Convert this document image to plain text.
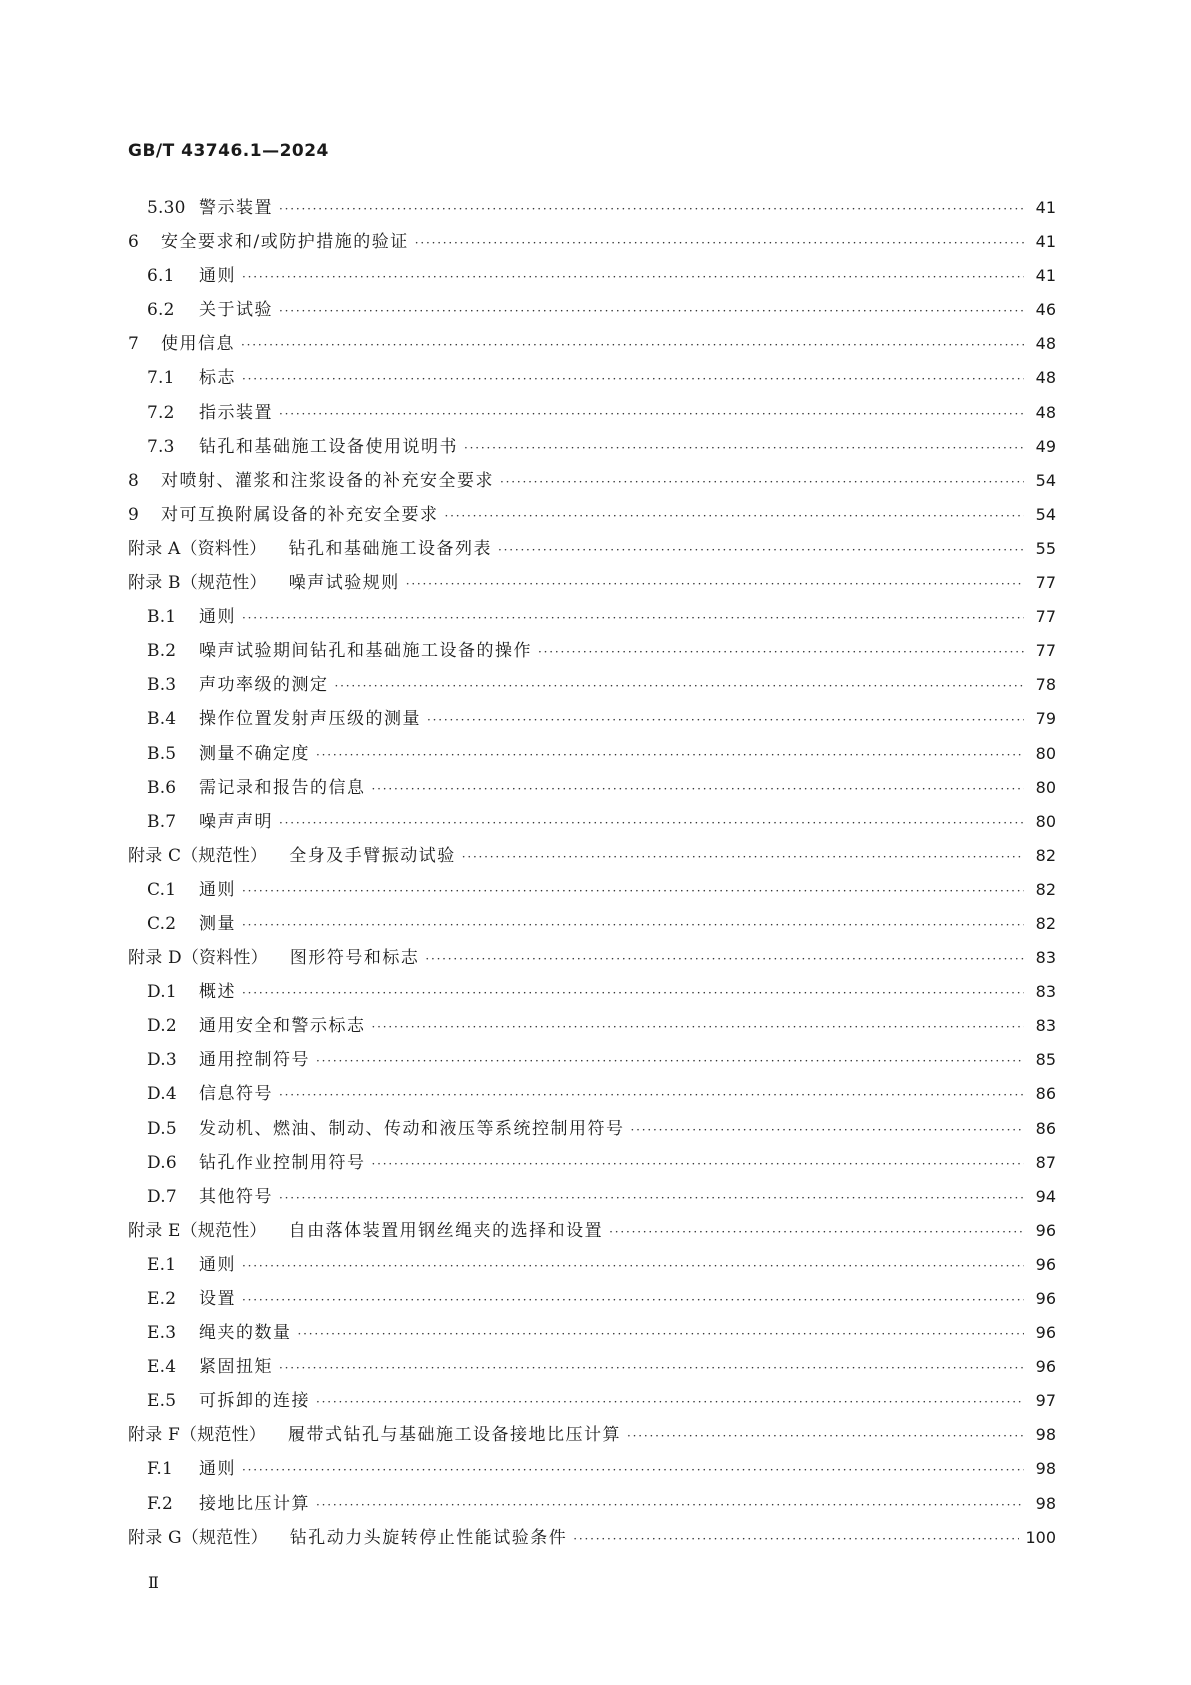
GB/T 43746.1—2024
5.30 警示装置 ·····	41
6	安全要求和/或防护措施的验证 ·····	41
6.1	通则 ·····	41
6.2	关于试验 ·····	46
7	使用信息 ·····	48
7.1	标志 ·····	48
7.2	指示装置 ·····	48
7.3	钻孔和基础施工设备使用说明书 ·····	49
8	对喷射、灌浆和注浆设备的补充安全要求 ·····	54
9	对可互换附属设备的补充安全要求 ·····	54
附录 A（资料性） 钻孔和基础施工设备列表 ·····	55
附录 B（规范性） 噪声试验规则 ·····	77
B.1	通则 ·····	77
B.2	噪声试验期间钻孔和基础施工设备的操作 ·····	77
B.3	声功率级的测定 ·····	78
B.4	操作位置发射声压级的测量 ·····	79
B.5	测量不确定度 ·····	80
B.6	需记录和报告的信息 ·····	80
B.7	噪声声明 ·····	80
附录 C（规范性） 全身及手臂振动试验 ·····	82
C.1	通则 ·····	82
C.2	测量 ·····	82
附录 D（资料性） 图形符号和标志 ·····	83
D.1	概述 ·····	83
D.2	通用安全和警示标志 ·····	83
D.3	通用控制符号 ·····	85
D.4	信息符号 ·····	86
D.5	发动机、燃油、制动、传动和液压等系统控制用符号 ·····	86
D.6	钻孔作业控制用符号 ·····	87
D.7	其他符号 ·····	94
附录 E（规范性） 自由落体装置用钢丝绳夹的选择和设置 ·····	96
E.1	通则 ·····	96
E.2	设置 ·····	96
E.3	绳夹的数量 ·····	96
E.4	紧固扭矩 ·····	96
E.5	可拆卸的连接 ·····	97
附录 F（规范性） 履带式钻孔与基础施工设备接地比压计算 ·····	98
F.1	通则 ·····	98
F.2	接地比压计算 ·····	98
附录 G（规范性） 钻孔动力头旋转停止性能试验条件 ·····	100
Ⅱ
